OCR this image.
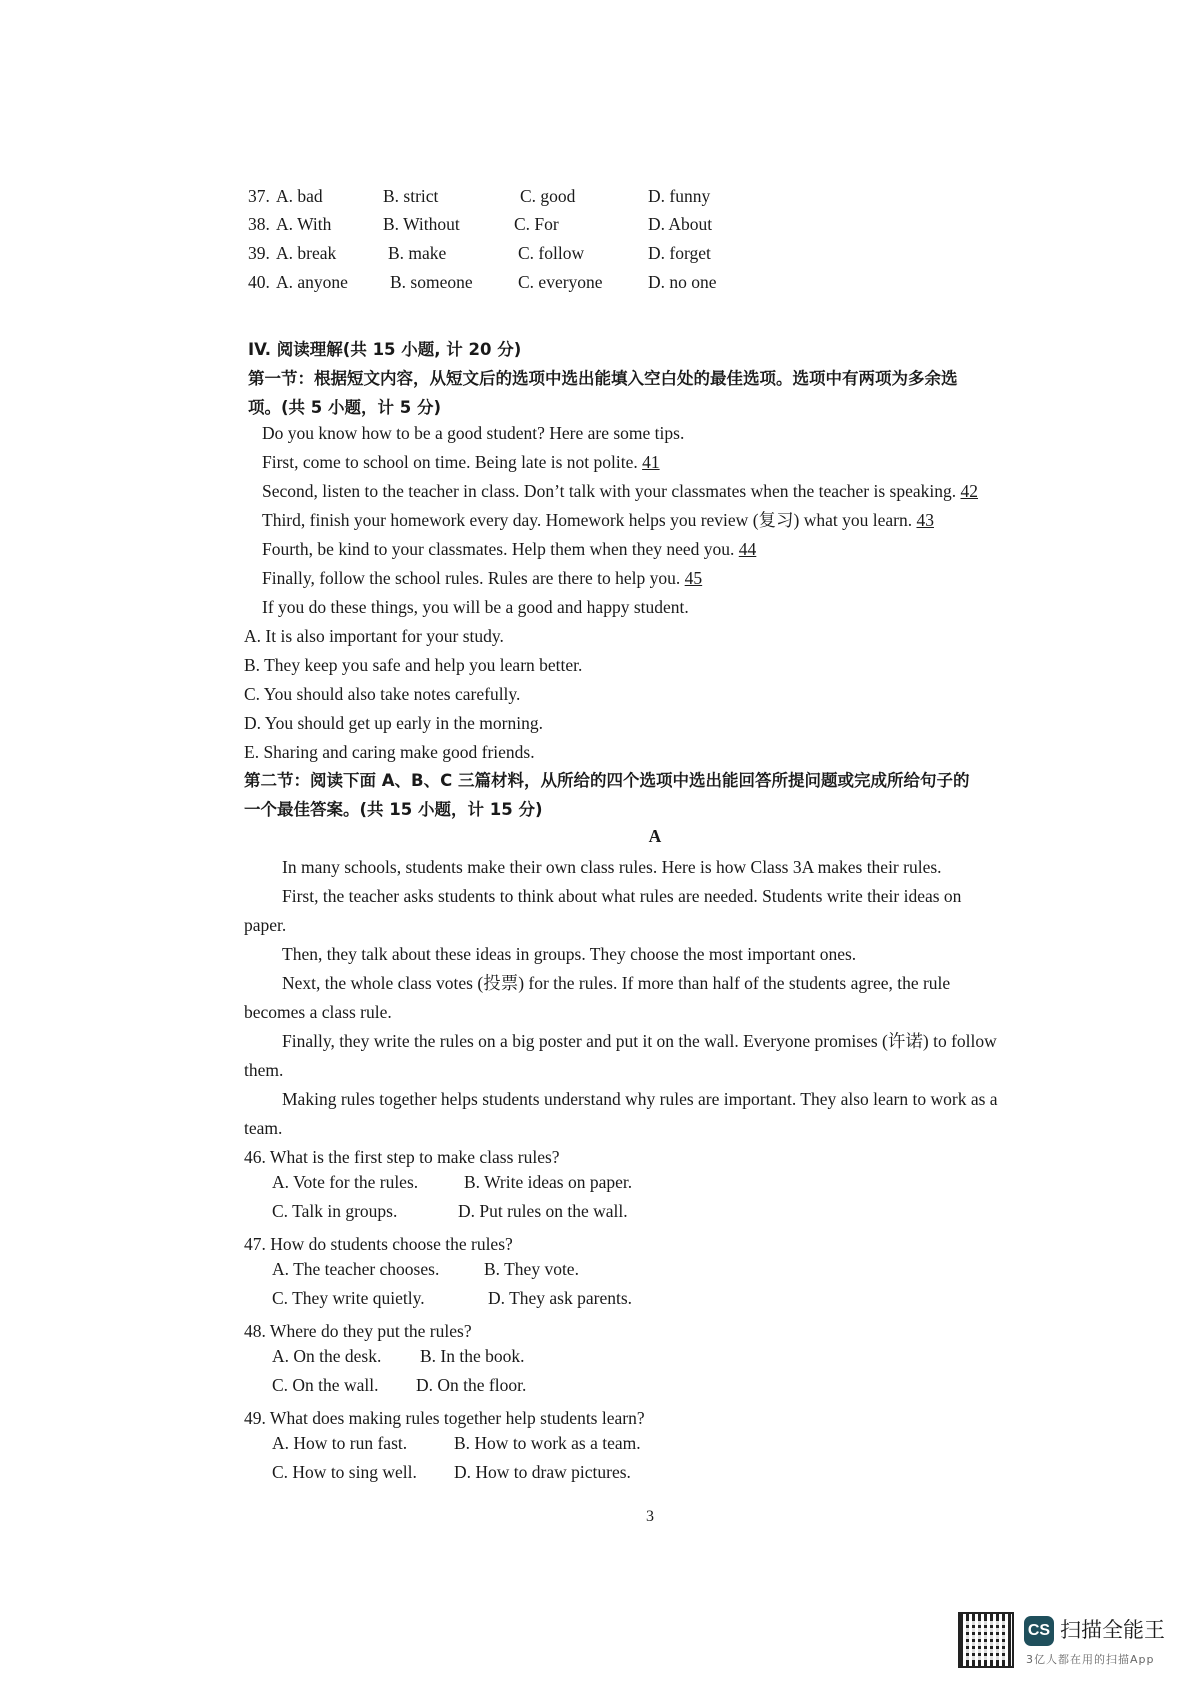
37. A. bad	B. strict	C. good	D. funny
38. A. With	B. Without	C. For	D. About
39. A. break	B. make	C. follow	D. forget
40. A. anyone B. someone	C. everyone	D. no one
IV. 阅读理解(共 15 小题, 计 20 分)
第一节：根据短文内容，从短文后的选项中选出能填入空白处的最佳选项。选项中有两项为多余选
项。(共 5 小题，计 5 分)
Do you know how to be a good student? Here are some tips.
First, come to school on time. Being late is not polite. 41
Second, listen to the teacher in class. Don’t talk with your classmates when the teacher is speaking. 42
Third, finish your homework every day. Homework helps you review (复习) what you learn. 43
Fourth, be kind to your classmates. Help them when they need you. 44
Finally, follow the school rules. Rules are there to help you. 45
If you do these things, you will be a good and happy student.
A. It is also important for your study.
B. They keep you safe and help you learn better.
C. You should also take notes carefully.
D. You should get up early in the morning.
E. Sharing and caring make good friends.
第二节：阅读下面 A、B、C 三篇材料，从所给的四个选项中选出能回答所提问题或完成所给句子的
一个最佳答案。(共 15 小题，计 15 分)
A
In many schools, students make their own class rules. Here is how Class 3A makes their rules.
First, the teacher asks students to think about what rules are needed. Students write their ideas on
paper.
Then, they talk about these ideas in groups. They choose the most important ones.
Next, the whole class votes (投票) for the rules. If more than half of the students agree, the rule
becomes a class rule.
Finally, they write the rules on a big poster and put it on the wall. Everyone promises (许诺) to follow
them.
Making rules together helps students understand why rules are important. They also learn to work as a
team.
46. What is the first step to make class rules?
A. Vote for the rules.	B. Write ideas on paper.
C. Talk in groups.	D. Put rules on the wall.
47. How do students choose the rules?
A. The teacher chooses.	B. They vote.
C. They write quietly.	D. They ask parents.
48. Where do they put the rules?
A. On the desk. B. In the book.
C. On the wall. D. On the floor.
49. What does making rules together help students learn?
A. How to run fast.	B. How to work as a team.
C. How to sing well. D. How to draw pictures.
3
CS 扫描全能王
3亿人都在用的扫描App
